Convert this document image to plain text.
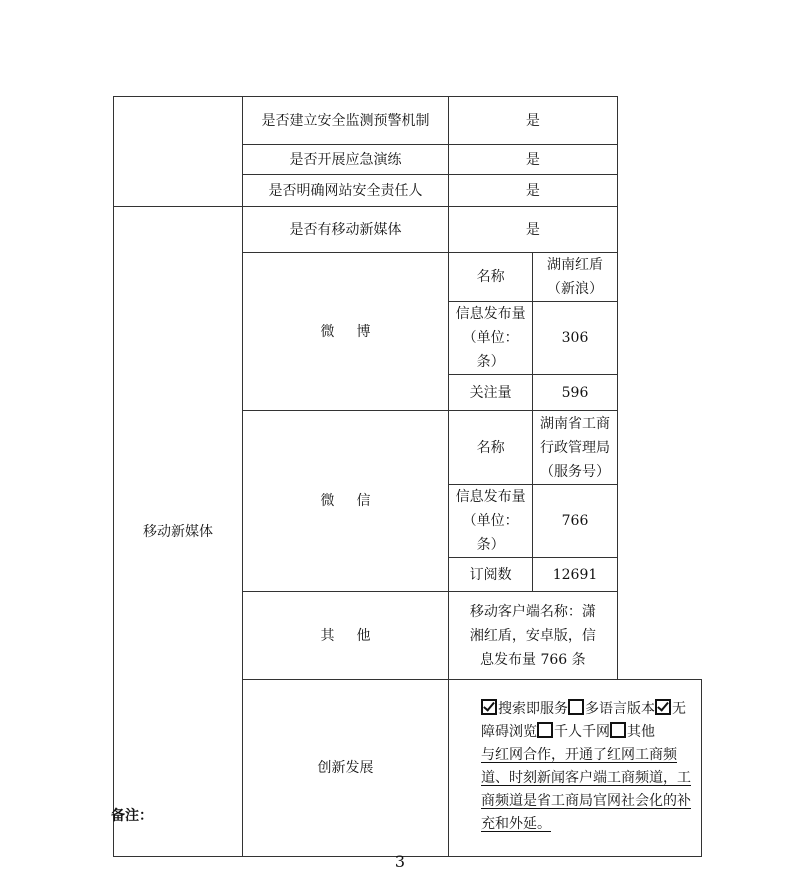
	是否建立安全监测预警机制	是	
	是否开展应急演练	是	
	是否明确网站安全责任人	是	
移动新媒体	是否有移动新媒体	是	
	微 博	名称	湖南红盾（新浪）
		信息发布量（单位：条）	306
		关注量	596
	微 信	名称	湖南省工商行政管理局（服务号）
		信息发布量（单位：条）	766
		订阅数	12691
	其 他	移动客户端名称：潇湘红盾，安卓版，信息发布量 766 条	
	创新发展	搜索即服务 多语言版本 无障碍浏览 千人千网 其他
与红网合作，开通了红网工商频道、时刻新闻客户端工商频道，工商频道是省工商局官网社会化的补充和外延。	
备注：
3
